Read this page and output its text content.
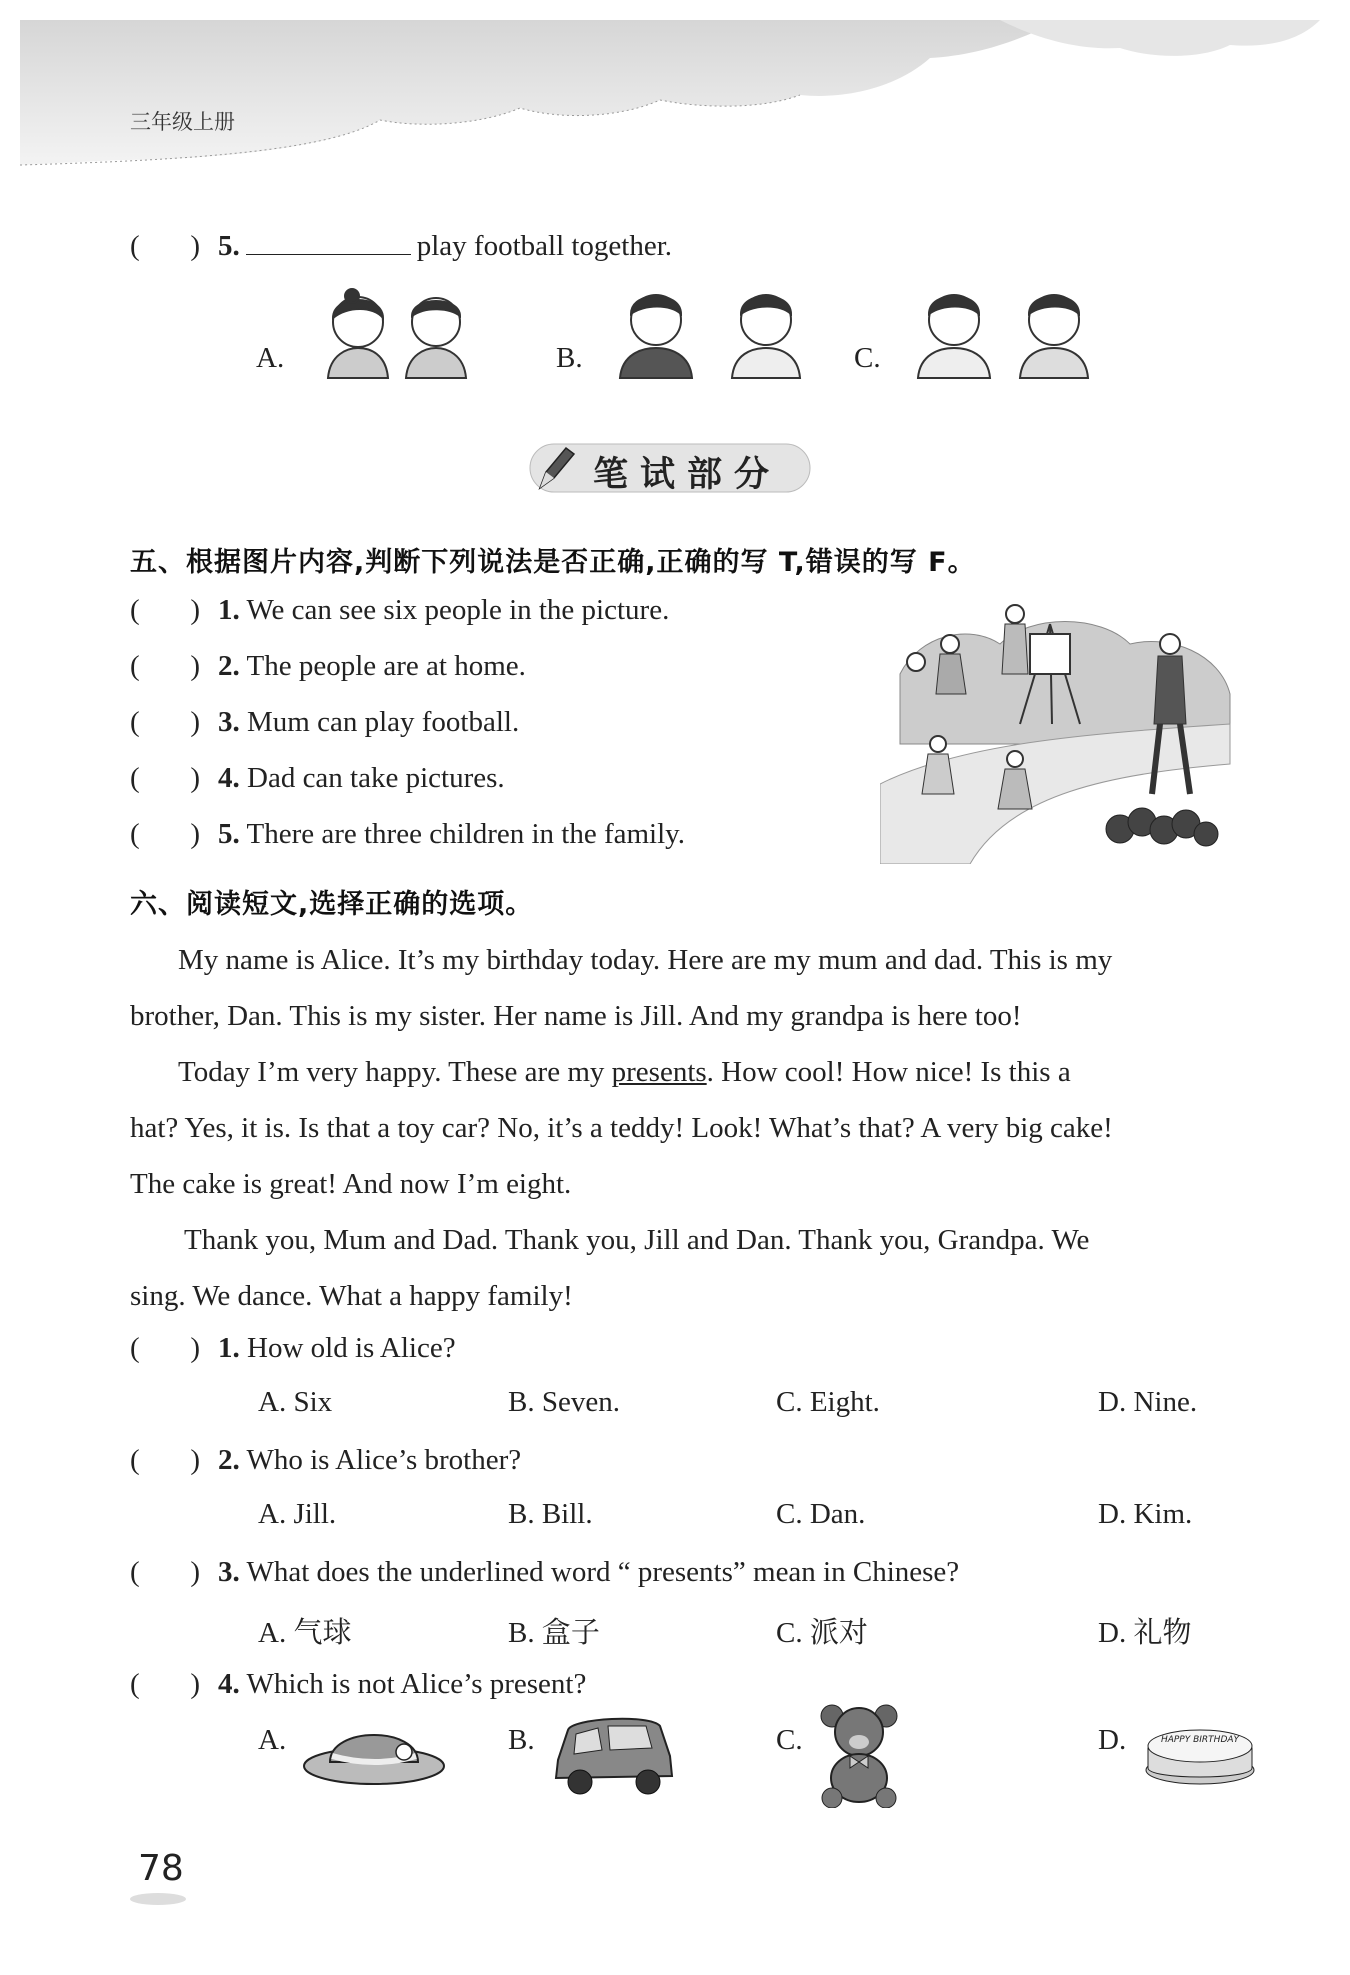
三年级上册
(       ) 5.	play football together.
A.	B.	C.
笔试部分
五、根据图片内容,判断下列说法是否正确,正确的写 T,错误的写 F。
(       ) 1. We can see six people in the picture.
(       ) 2. The people are at home.
(       ) 3. Mum can play football.
(       ) 4. Dad can take pictures.
(       ) 5. There are three children in the family.
六、阅读短文,选择正确的选项。
My name is Alice. It’s my birthday today. Here are my mum and dad. This is my
brother, Dan. This is my sister. Her name is Jill. And my grandpa is here too!
Today I’m very happy. These are my presents. How cool! How nice! Is this a
hat? Yes, it is. Is that a toy car? No, it’s a teddy! Look! What’s that? A very big cake!
The cake is great! And now I’m eight.
Thank you, Mum and Dad. Thank you, Jill and Dan. Thank you, Grandpa. We
sing. We dance. What a happy family!
(       ) 1. How old is Alice?
A. Six	B. Seven.	C. Eight.	D. Nine.
(       ) 2. Who is Alice’s brother?
A. Jill.	B. Bill.	C. Dan.	D. Kim.
(       ) 3. What does the underlined word “ presents” mean in Chinese?
A. 气球	B. 盒子	C. 派对	D. 礼物
(       ) 4. Which is not Alice’s present?
A.	B.	C.	D.	HAPPY BIRTHDAY
78
